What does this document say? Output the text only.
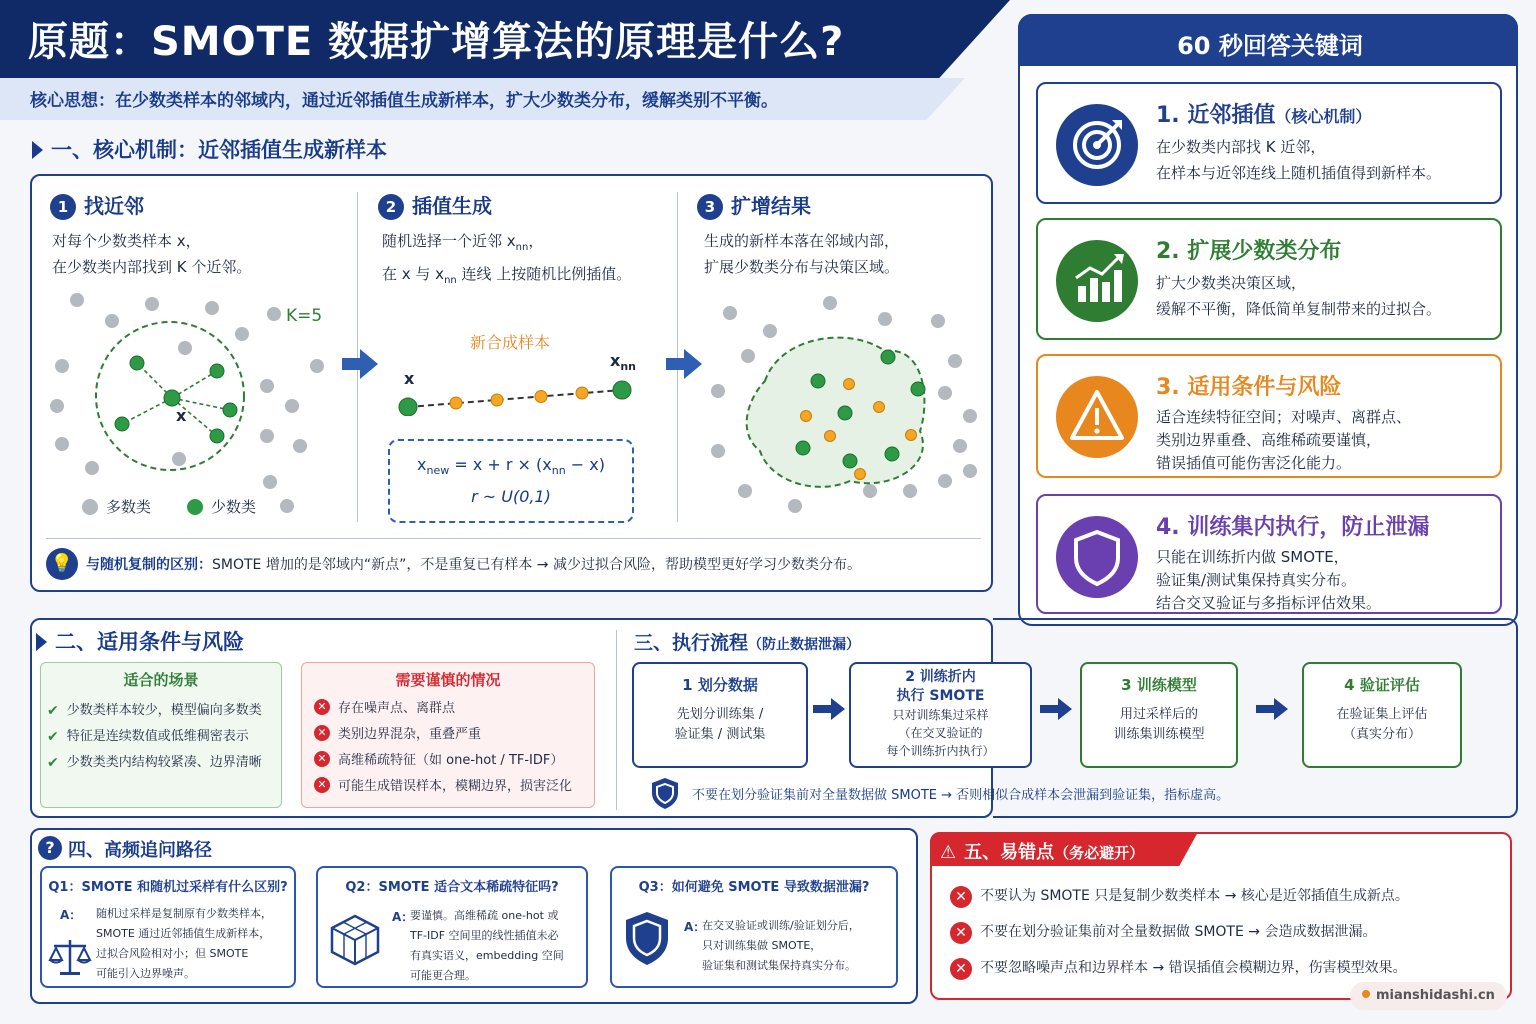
原题：SMOTE 数据扩增算法的原理是什么?
核心思想：在少数类样本的邻域内，通过近邻插值生成新样本，扩大少数类分布，缓解类别不平衡。
一、核心机制：近邻插值生成新样本
1 找近邻
对每个少数类样本 x，
在少数类内部找到 K 个近邻。
K=5
x
多数类	少数类
2 插值生成
随机选择一个近邻 $x_{nn}$，
在 x 与 $x_{nn}$ 连线 上按随机比例插值。
新合成样本
x
$x_{nn}$
$x_{new} = x + r \times (x_{nn} - x)$
r ~ U(0,1)
3 扩增结果
生成的新样本落在邻域内部，
扩展少数类分布与决策区域。
💡 与随机复制的区别：SMOTE 增加的是邻域内“新点”，不是重复已有样本 → 减少过拟合风险，帮助模型更好学习少数类分布。
60 秒回答关键词
1. 近邻插值（核心机制）
在少数类内部找 K 近邻，
在样本与近邻连线上随机插值得到新样本。
2. 扩展少数类分布
扩大少数类决策区域，
缓解不平衡，降低简单复制带来的过拟合。
3. 适用条件与风险
适合连续特征空间；对噪声、离群点、
类别边界重叠、高维稀疏要谨慎，
错误插值可能伤害泛化能力。
4. 训练集内执行，防止泄漏
只能在训练折内做 SMOTE，
验证集/测试集保持真实分布。
结合交叉验证与多指标评估效果。
二、适用条件与风险
适合的场景
✔ 少数类样本较少，模型偏向多数类
✔ 特征是连续数值或低维稠密表示
✔ 少数类类内结构较紧凑、边界清晰
需要谨慎的情况
✕ 存在噪声点、离群点
✕ 类别边界混杂，重叠严重
✕ 高维稀疏特征（如 one-hot / TF-IDF）
✕ 可能生成错误样本，模糊边界，损害泛化
三、执行流程（防止数据泄漏）
1 划分数据
先划分训练集 /
验证集 / 测试集
2 训练折内
执行 SMOTE
只对训练集过采样
（在交叉验证的
每个训练折内执行）
3 训练模型
用过采样后的
训练集训练模型
4 验证评估
在验证集上评估
（真实分布）
不要在划分验证集前对全量数据做 SMOTE → 否则相似合成样本会泄漏到验证集，指标虚高。
? 四、高频追问路径
Q1：SMOTE 和随机过采样有什么区别?
A： 随机过采样是复制原有少数类样本，
SMOTE 通过近邻插值生成新样本，
过拟合风险相对小；但 SMOTE
可能引入边界噪声。
Q2：SMOTE 适合文本稀疏特征吗?
A：
要谨慎。高维稀疏 one-hot 或
TF-IDF 空间里的线性插值未必
有真实语义，embedding 空间
可能更合理。
Q3：如何避免 SMOTE 导致数据泄漏?
A：
在交叉验证或训练/验证划分后，
只对训练集做 SMOTE，
验证集和测试集保持真实分布。
⚠ 五、易错点（务必避开）
✕ 不要认为 SMOTE 只是复制少数类样本 → 核心是近邻插值生成新点。
✕ 不要在划分验证集前对全量数据做 SMOTE → 会造成数据泄漏。
✕ 不要忽略噪声点和边界样本 → 错误插值会模糊边界，伤害模型效果。
mianshidashi.cn
